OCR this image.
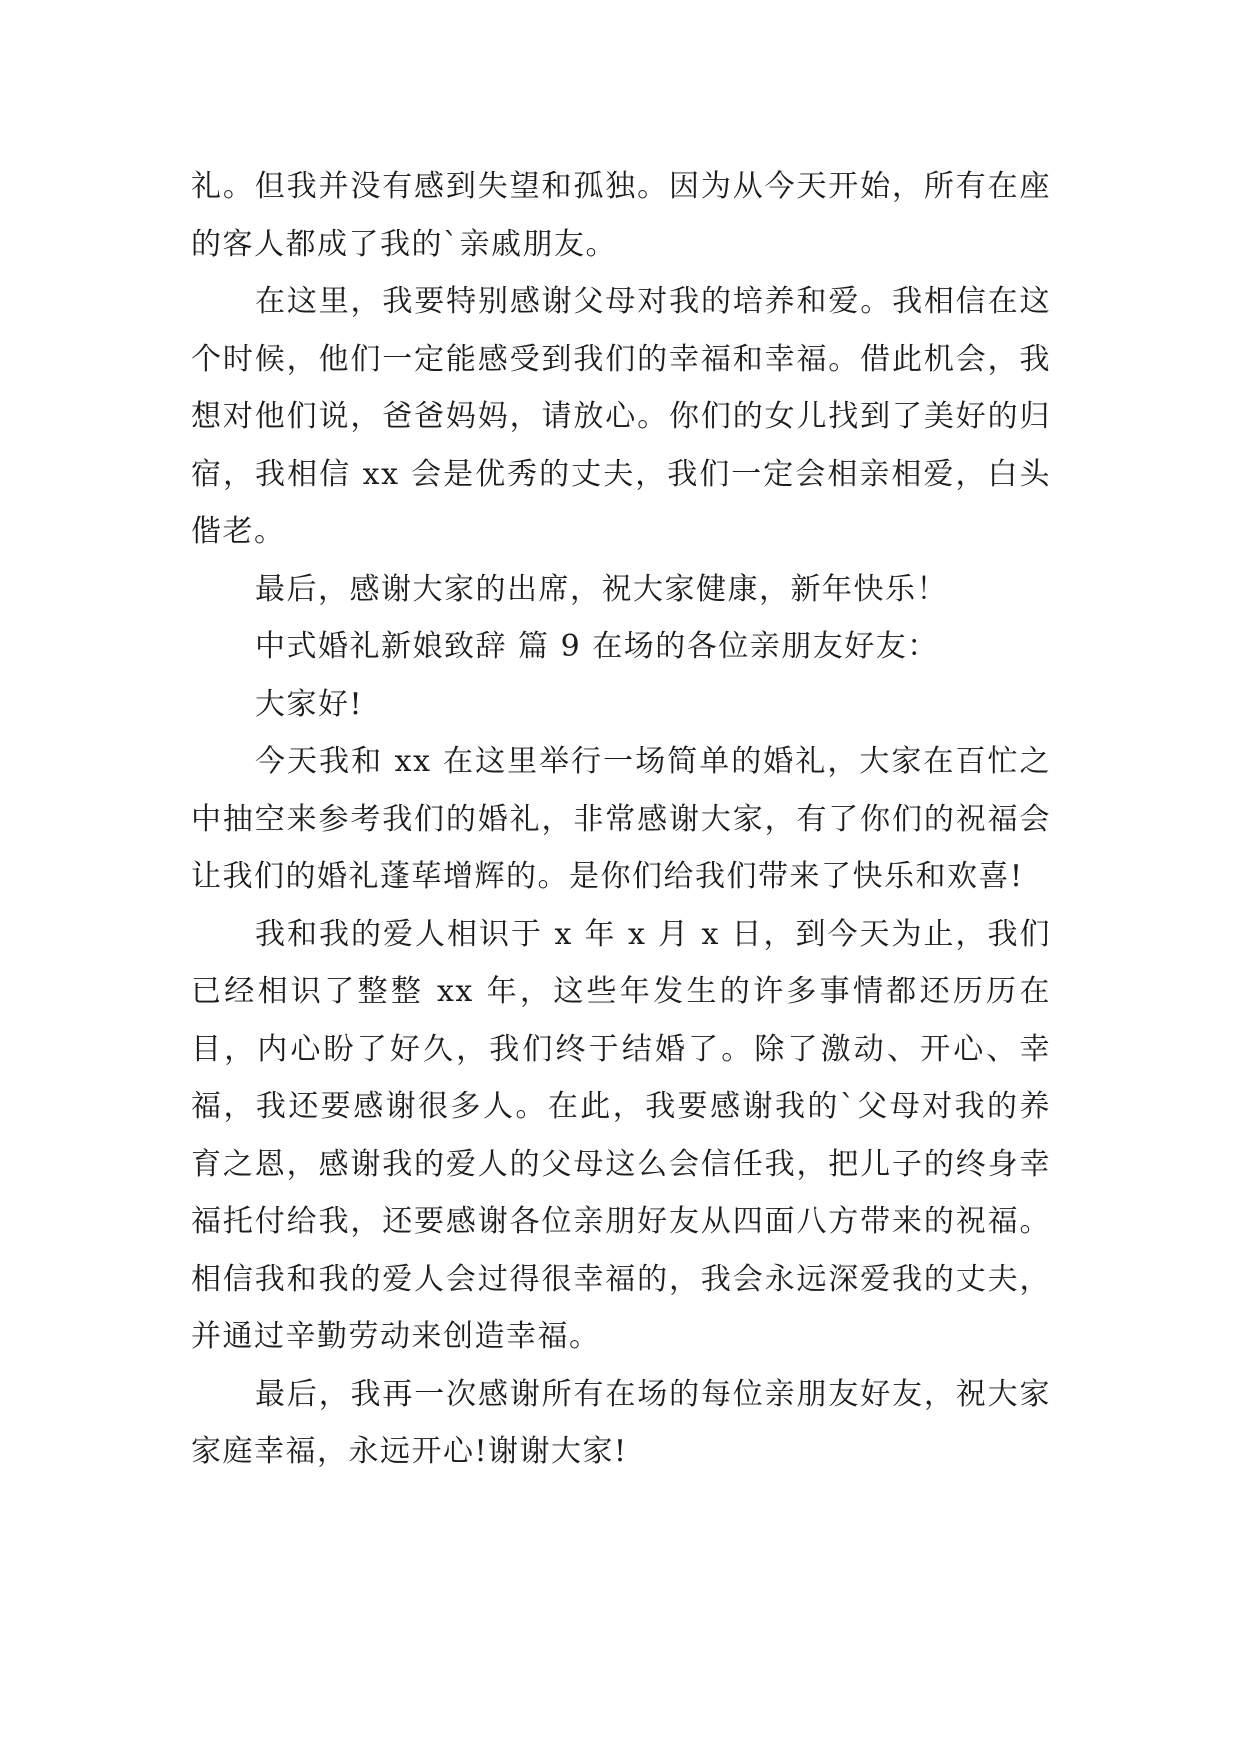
礼。但我并没有感到失望和孤独。因为从今天开始，所有在座的客人都成了我的`亲戚朋友。

在这里，我要特别感谢父母对我的培养和爱。我相信在这个时候，他们一定能感受到我们的幸福和幸福。借此机会，我想对他们说，爸爸妈妈，请放心。你们的女儿找到了美好的归宿，我相信 xx 会是优秀的丈夫，我们一定会相亲相爱，白头偕老。

最后，感谢大家的出席，祝大家健康，新年快乐！

中式婚礼新娘致辞 篇 9 在场的各位亲朋友好友：

大家好!

今天我和 xx 在这里举行一场简单的婚礼，大家在百忙之中抽空来参考我们的婚礼，非常感谢大家，有了你们的祝福会让我们的婚礼蓬荜增辉的。是你们给我们带来了快乐和欢喜!

我和我的爱人相识于 x 年 x 月 x 日，到今天为止，我们已经相识了整整 xx 年，这些年发生的许多事情都还历历在目，内心盼了好久，我们终于结婚了。除了激动、开心、幸福，我还要感谢很多人。在此，我要感谢我的`父母对我的养育之恩，感谢我的爱人的父母这么会信任我，把儿子的终身幸福托付给我，还要感谢各位亲朋好友从四面八方带来的祝福。相信我和我的爱人会过得很幸福的，我会永远深爱我的丈夫，并通过辛勤劳动来创造幸福。

最后，我再一次感谢所有在场的每位亲朋友好友，祝大家家庭幸福，永远开心!谢谢大家!
